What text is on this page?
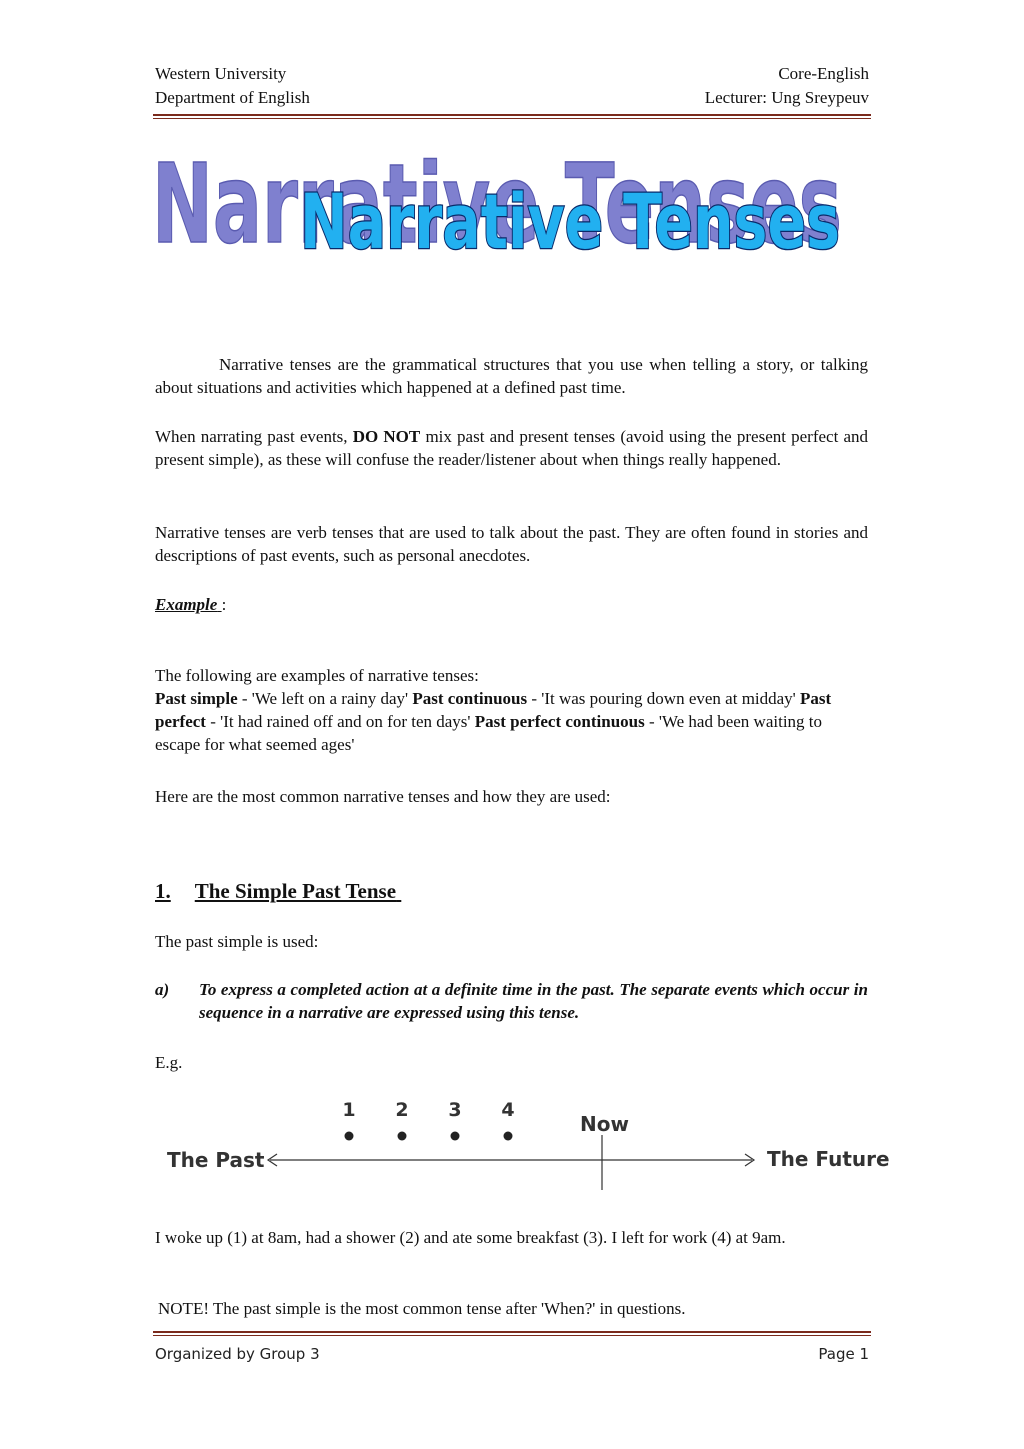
Western University
Department of English
Core-English
Lecturer: Ung Sreypeuv
Narrative Tenses
Narrative Tenses

Narrative tenses are the grammatical structures that you use when telling a story, or talking about situations and activities which happened at a defined past time.

When narrating past events, DO NOT mix past and present tenses (avoid using the present perfect and present simple), as these will confuse the reader/listener about when things really happened.

Narrative tenses are verb tenses that are used to talk about the past. They are often found in stories and descriptions of past events, such as personal anecdotes.

Example :

The following are examples of narrative tenses:
Past simple - 'We left on a rainy day' Past continuous - 'It was pouring down even at midday' Past perfect - 'It had rained off and on for ten days' Past perfect continuous - 'We had been waiting to escape for what seemed ages'

Here are the most common narrative tenses and how they are used:

1. The Simple Past Tense

The past simple is used:

a) To express a completed action at a definite time in the past. The separate events which occur in sequence in a narrative are expressed using this tense.

E.g.

The Past	The Future
Now
1 2 3 4

I woke up (1) at 8am, had a shower (2) and ate some breakfast (3). I left for work (4) at 9am.

NOTE! The past simple is the most common tense after 'When?' in questions.

Organized by Group 3	Page 1
